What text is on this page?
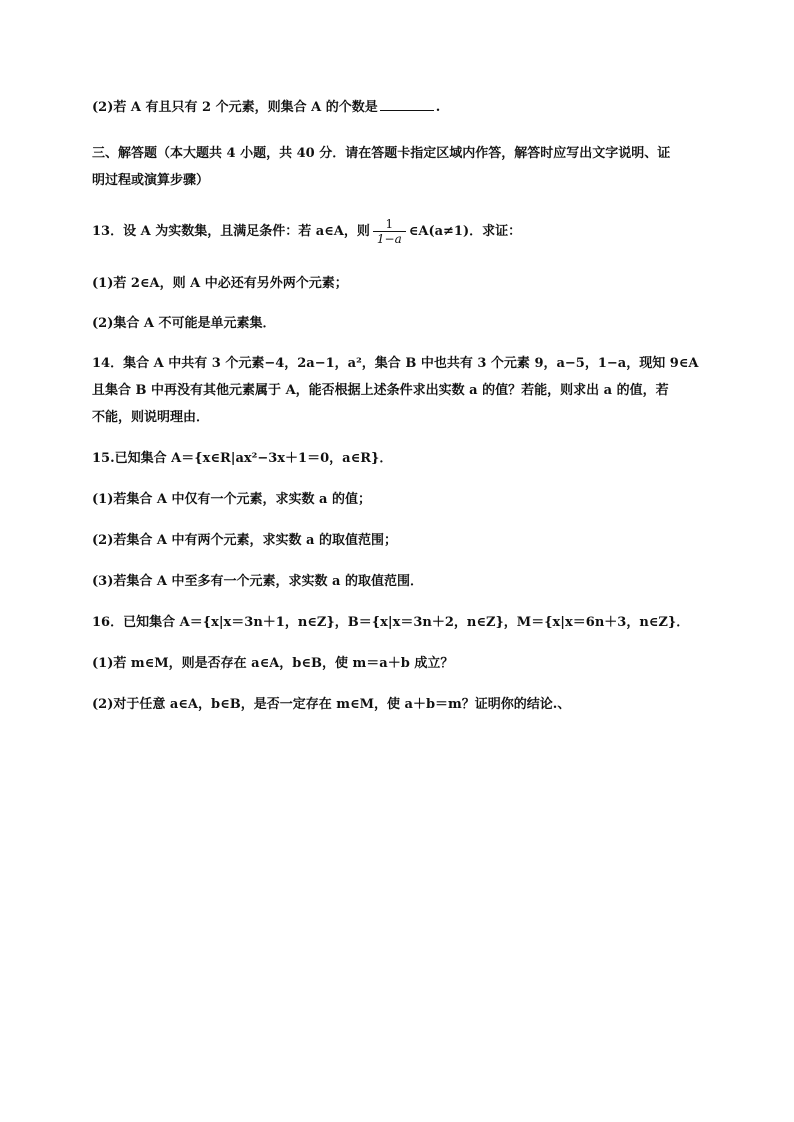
(2)若 A 有且只有 2 个元素，则集合 A 的个数是	.
三、解答题（本大题共 4 小题，共 40 分．请在答题卡指定区域内作答，解答时应写出文字说明、证
明过程或演算步骤）
13．设 A 为实数集，且满足条件：若 a∈A，则 $\frac{1}{1-a}$ ∈A(a≠1)．求证：
(1)若 2∈A，则 A 中必还有另外两个元素；
(2)集合 A 不可能是单元素集．
14．集合 A 中共有 3 个元素−4，2a−1，a²，集合 B 中也共有 3 个元素 9，a−5，1−a，现知 9∈A
且集合 B 中再没有其他元素属于 A，能否根据上述条件求出实数 a 的值？若能，则求出 a 的值，若
不能，则说明理由．
15.已知集合 A＝{x∈R|ax²−3x＋1＝0，a∈R}．
(1)若集合 A 中仅有一个元素，求实数 a 的值；
(2)若集合 A 中有两个元素，求实数 a 的取值范围；
(3)若集合 A 中至多有一个元素，求实数 a 的取值范围．
16．已知集合 A＝{x|x＝3n＋1，n∈Z}，B＝{x|x＝3n＋2，n∈Z}，M＝{x|x＝6n＋3，n∈Z}．
(1)若 m∈M，则是否存在 a∈A，b∈B，使 m＝a＋b 成立？
(2)对于任意 a∈A，b∈B，是否一定存在 m∈M，使 a＋b＝m？证明你的结论.、
